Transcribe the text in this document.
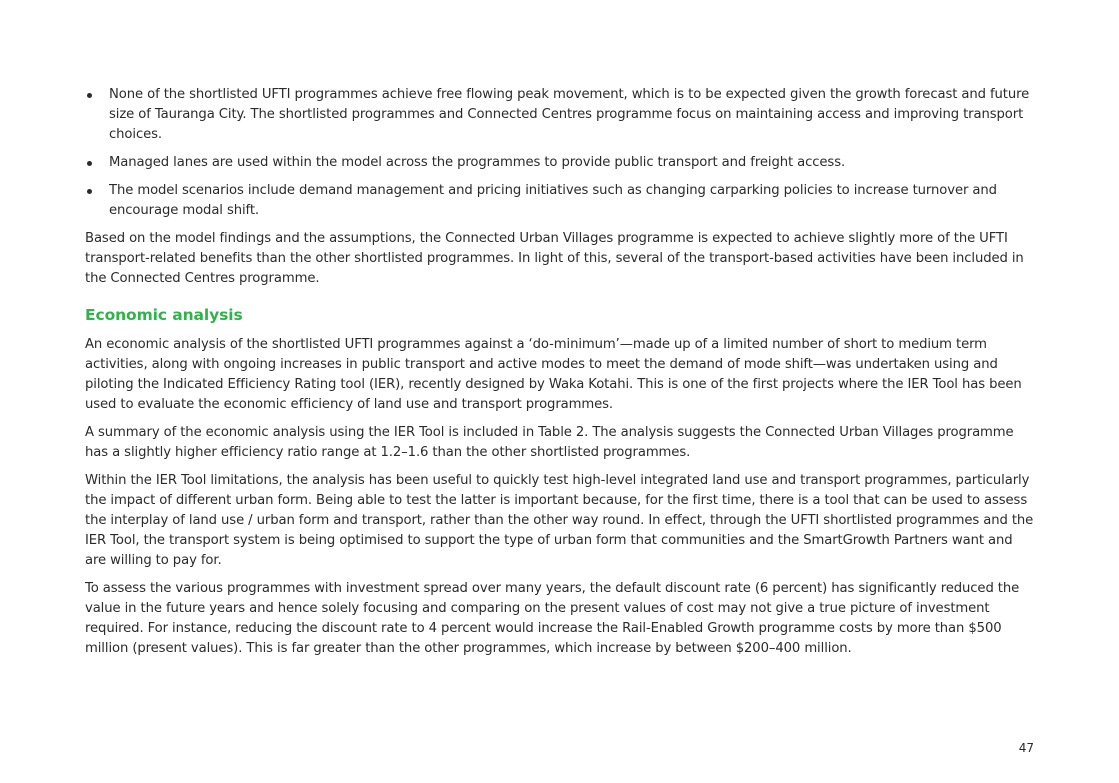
None of the shortlisted UFTI programmes achieve free flowing peak movement, which is to be expected given the growth forecast and future size of Tauranga City. The shortlisted programmes and Connected Centres programme focus on maintaining access and improving transport choices.
Managed lanes are used within the model across the programmes to provide public transport and freight access.
The model scenarios include demand management and pricing initiatives such as changing carparking policies to increase turnover and encourage modal shift.

Based on the model findings and the assumptions, the Connected Urban Villages programme is expected to achieve slightly more of the UFTI transport-related benefits than the other shortlisted programmes. In light of this, several of the transport-based activities have been included in the Connected Centres programme.

Economic analysis

An economic analysis of the shortlisted UFTI programmes against a ‘do-minimum’—made up of a limited number of short to medium term activities, along with ongoing increases in public transport and active modes to meet the demand of mode shift—was undertaken using and piloting the Indicated Efficiency Rating tool (IER), recently designed by Waka Kotahi. This is one of the first projects where the IER Tool has been used to evaluate the economic efficiency of land use and transport programmes.

A summary of the economic analysis using the IER Tool is included in Table 2. The analysis suggests the Connected Urban Villages programme has a slightly higher efficiency ratio range at 1.2–1.6 than the other shortlisted programmes.

Within the IER Tool limitations, the analysis has been useful to quickly test high-level integrated land use and transport programmes, particularly the impact of different urban form. Being able to test the latter is important because, for the first time, there is a tool that can be used to assess the interplay of land use / urban form and transport, rather than the other way round. In effect, through the UFTI shortlisted programmes and the IER Tool, the transport system is being optimised to support the type of urban form that communities and the SmartGrowth Partners want and are willing to pay for.

To assess the various programmes with investment spread over many years, the default discount rate (6 percent) has significantly reduced the value in the future years and hence solely focusing and comparing on the present values of cost may not give a true picture of investment required. For instance, reducing the discount rate to 4 percent would increase the Rail-Enabled Growth programme costs by more than $500 million (present values). This is far greater than the other programmes, which increase by between $200–400 million.

47
